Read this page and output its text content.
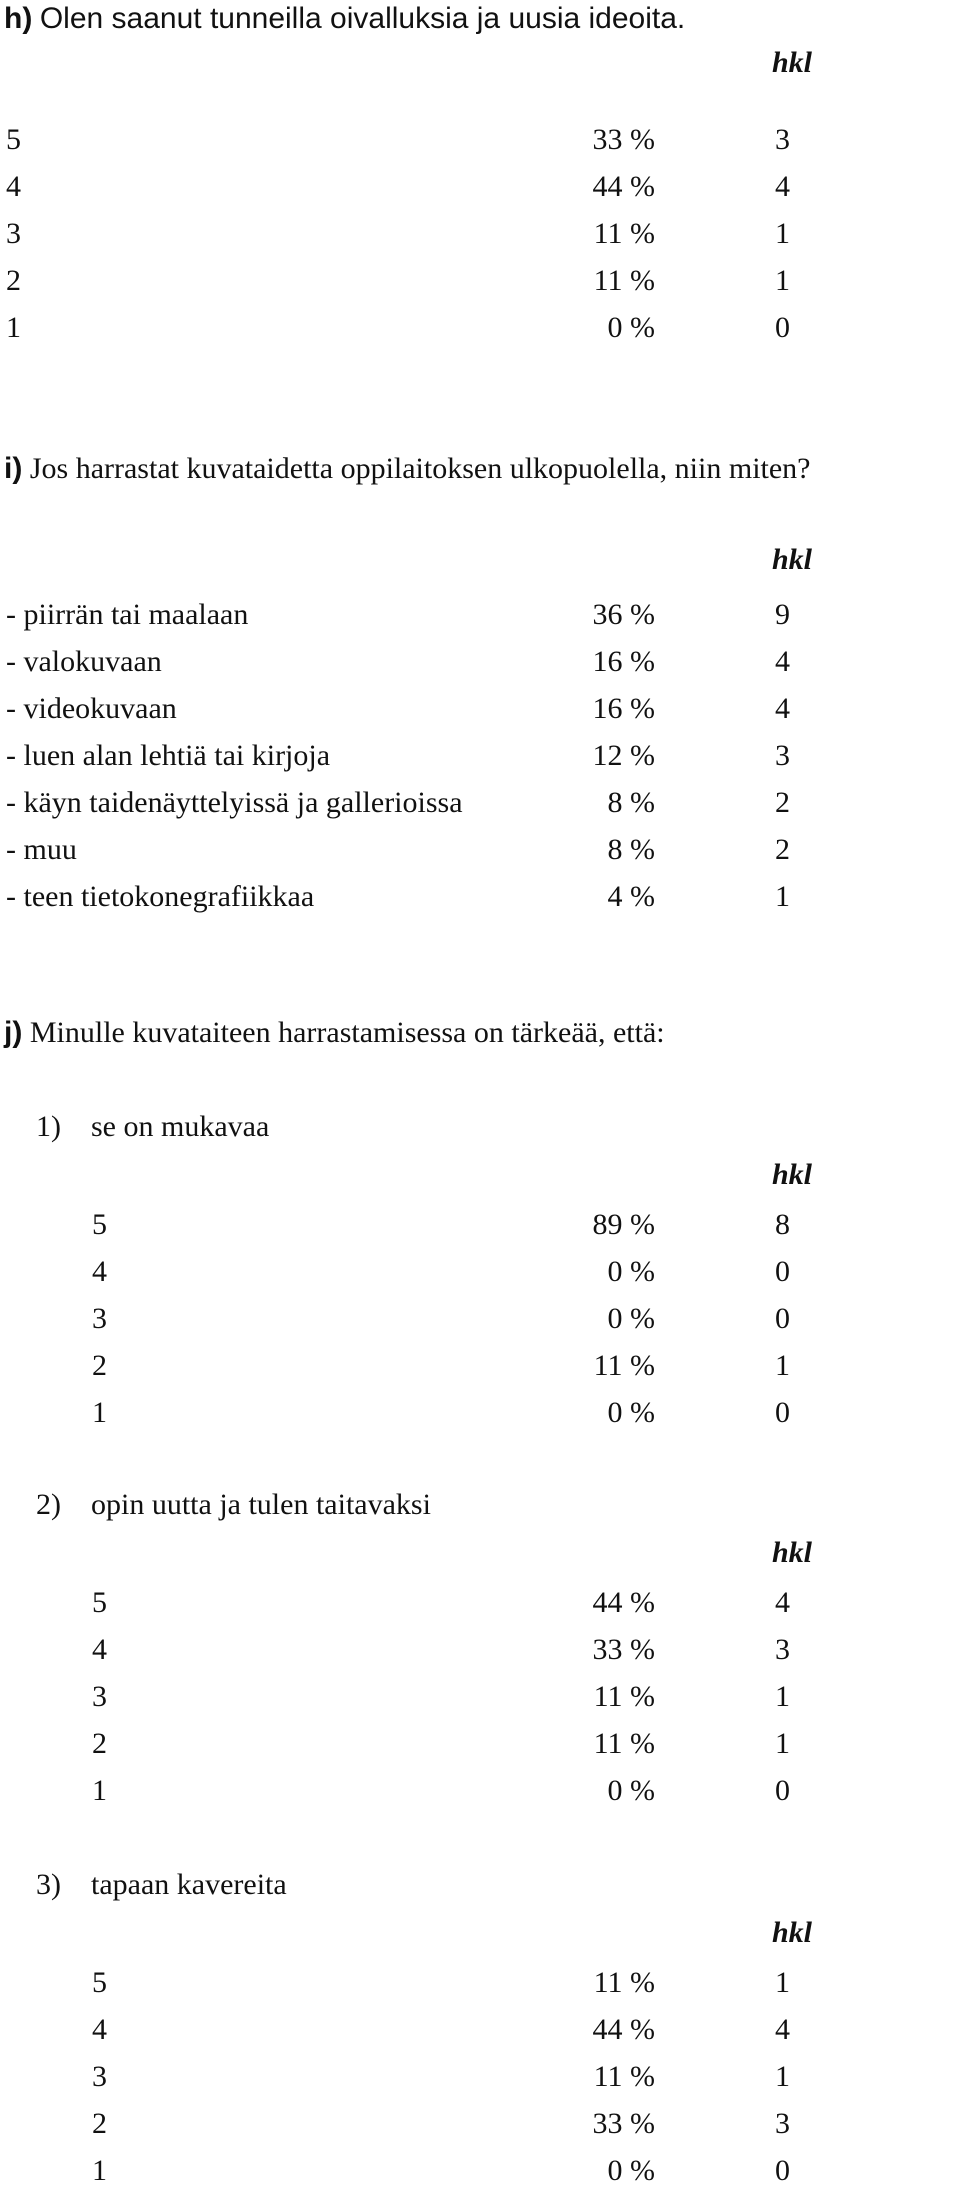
h) Olen saanut tunneilla oivalluksia ja uusia ideoita.
hkl
5	33 %	3
4	44 %	4
3	11 %	1
2	11 %	1
1	0 %	0
i) Jos harrastat kuvataidetta oppilaitoksen ulkopuolella, niin miten?
hkl
- piirrän tai maalaan	36 %	9
- valokuvaan	16 %	4
- videokuvaan	16 %	4
- luen alan lehtiä tai kirjoja	12 %	3
- käyn taidenäyttelyissä ja gallerioissa	8 %	2
- muu	8 %	2
- teen tietokonegrafiikkaa	4 %	1
j) Minulle kuvataiteen harrastamisessa on tärkeää, että:
1) se on mukavaa
hkl
5	89 %	8
4	0 %	0
3	0 %	0
2	11 %	1
1	0 %	0
2) opin uutta ja tulen taitavaksi
hkl
5	44 %	4
4	33 %	3
3	11 %	1
2	11 %	1
1	0 %	0
3) tapaan kavereita
hkl
5	11 %	1
4	44 %	4
3	11 %	1
2	33 %	3
1	0 %	0
